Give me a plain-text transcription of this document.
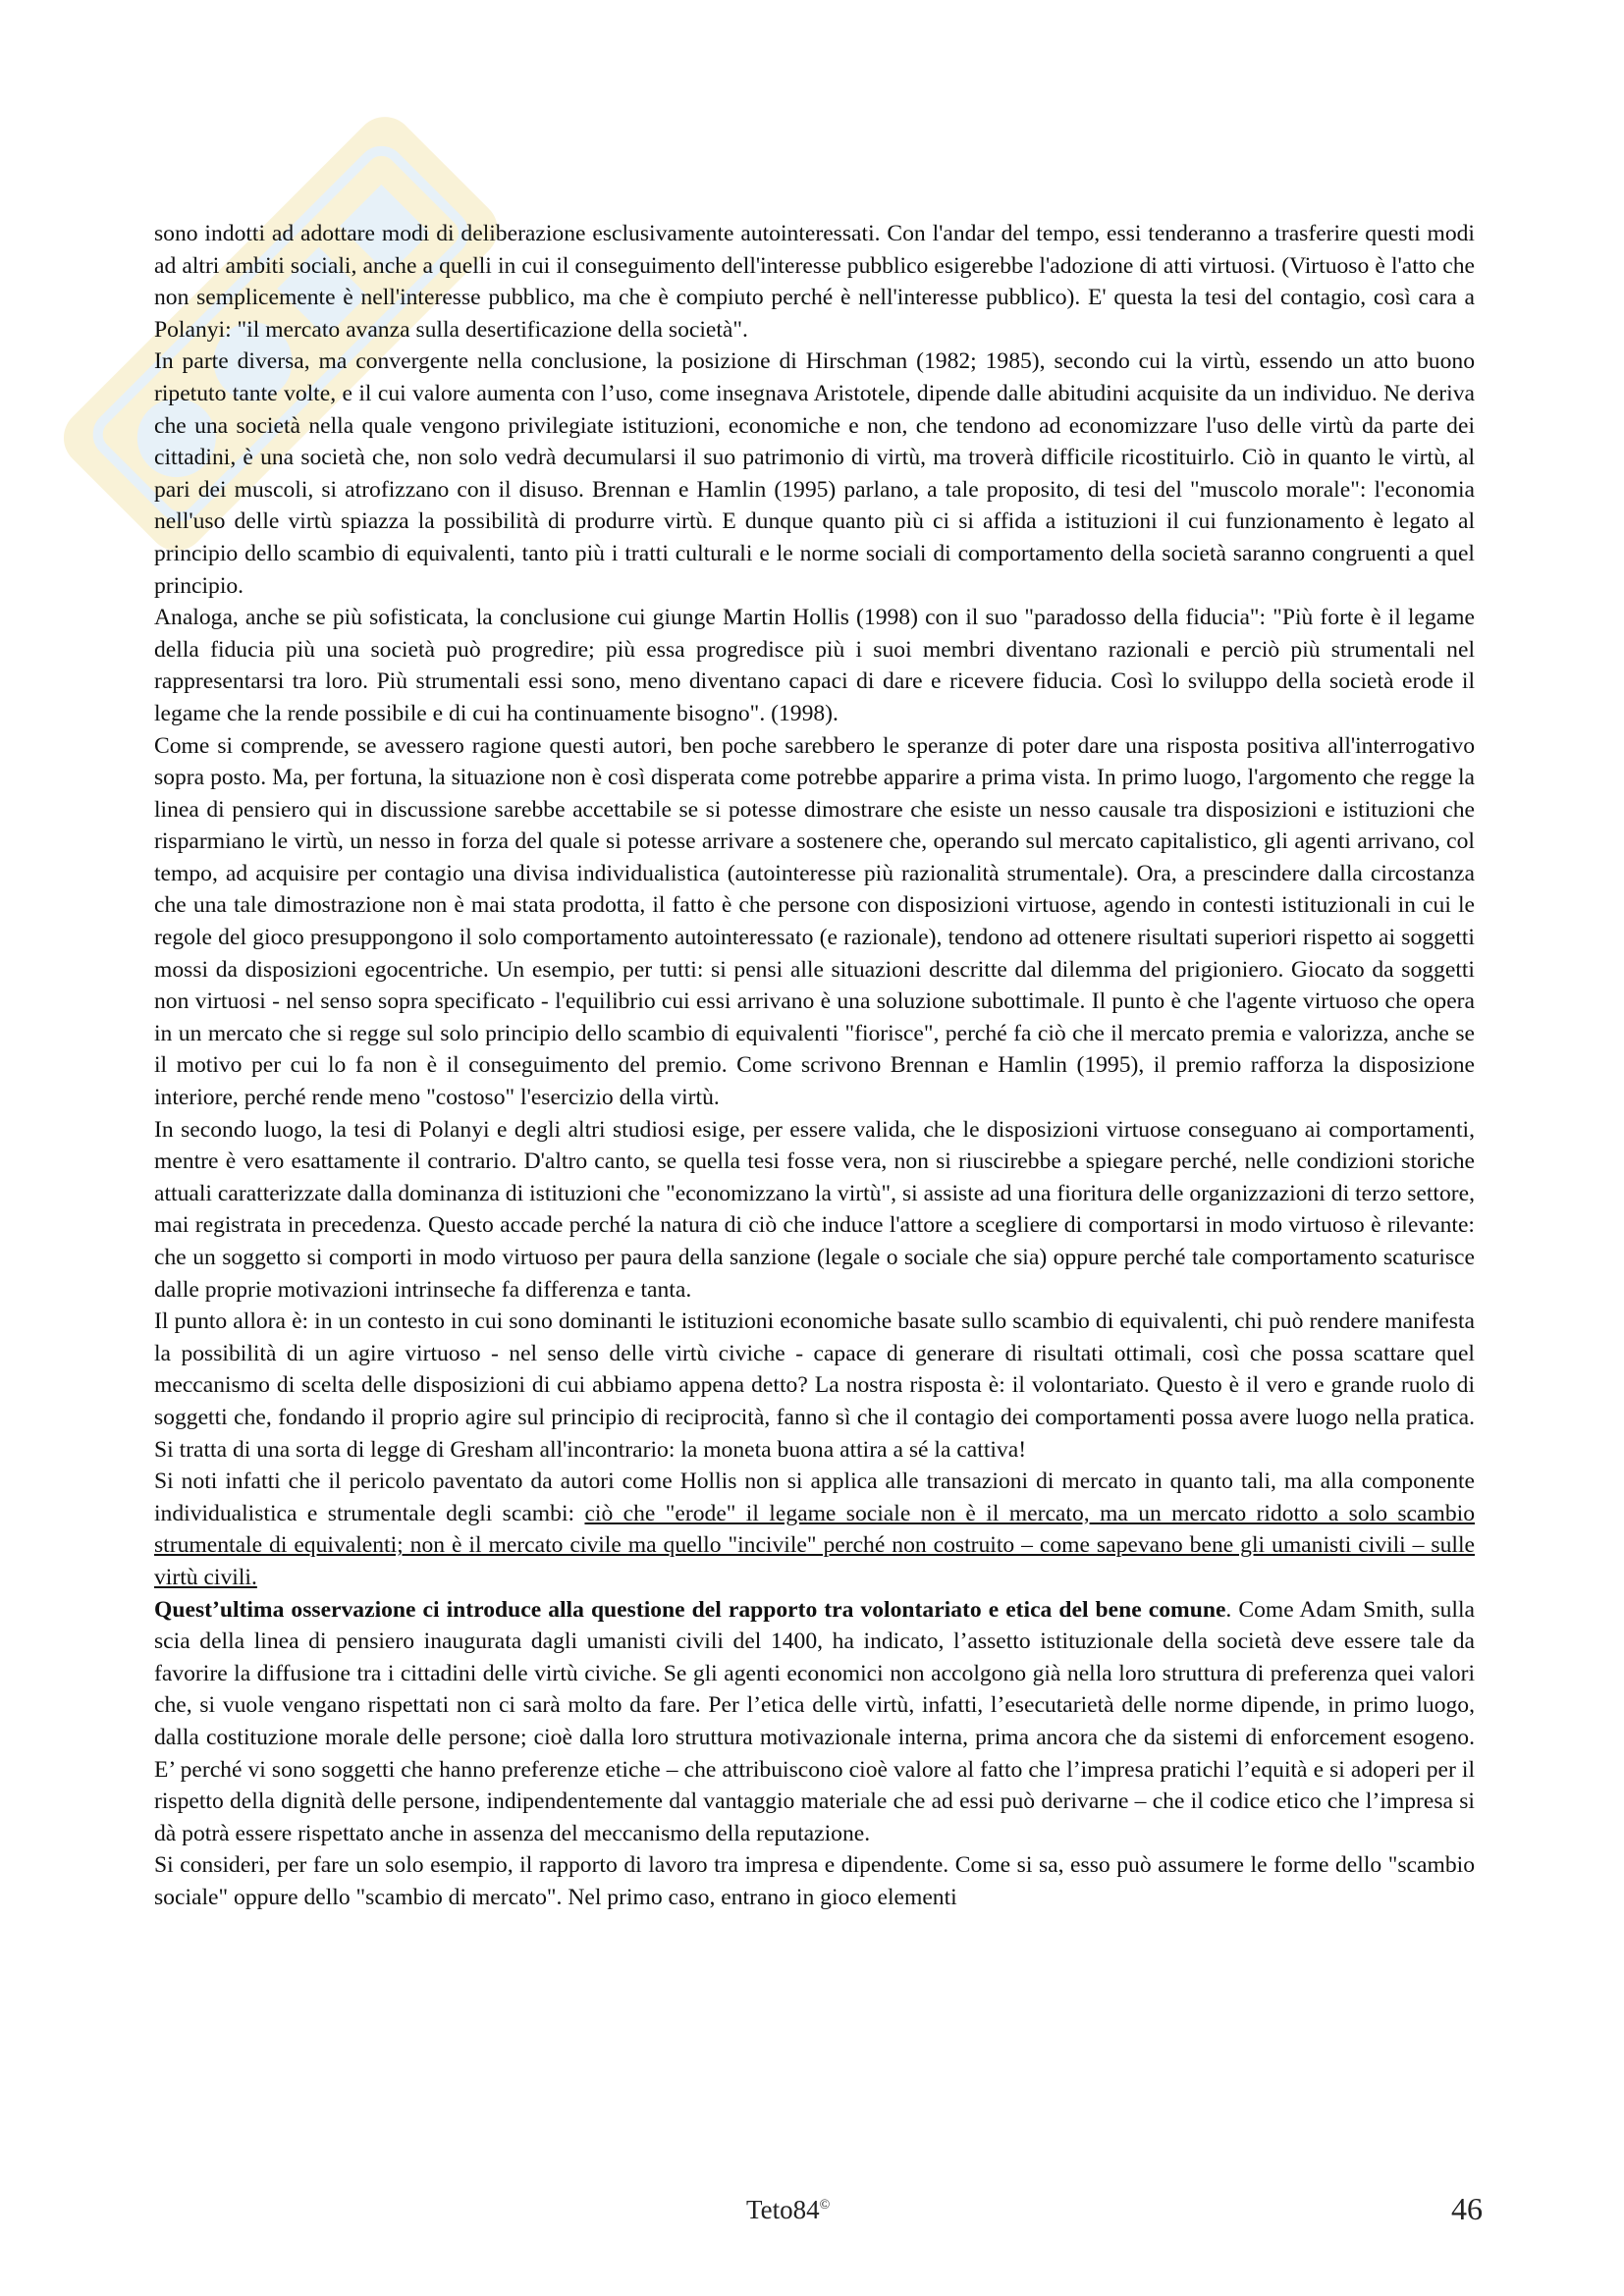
sono indotti ad adottare modi di deliberazione esclusivamente autointeressati. Con l'andar del tempo, essi tenderanno a trasferire questi modi ad altri ambiti sociali, anche a quelli in cui il conseguimento dell'interesse pubblico esigerebbe l'adozione di atti virtuosi. (Virtuoso è l'atto che non semplicemente è nell'interesse pubblico, ma che è compiuto perché è nell'interesse pubblico). E' questa la tesi del contagio, così cara a Polanyi: "il mercato avanza sulla desertificazione della società".

In parte diversa, ma convergente nella conclusione, la posizione di Hirschman (1982; 1985), secondo cui la virtù, essendo un atto buono ripetuto tante volte, e il cui valore aumenta con l’uso, come insegnava Aristotele, dipende dalle abitudini acquisite da un individuo. Ne deriva che una società nella quale vengono privilegiate istituzioni, economiche e non, che tendono ad economizzare l'uso delle virtù da parte dei cittadini, è una società che, non solo vedrà decumularsi il suo patrimonio di virtù, ma troverà difficile ricostituirlo. Ciò in quanto le virtù, al pari dei muscoli, si atrofizzano con il disuso. Brennan e Hamlin (1995) parlano, a tale proposito, di tesi del "muscolo morale": l'economia nell'uso delle virtù spiazza la possibilità di produrre virtù. E dunque quanto più ci si affida a istituzioni il cui funzionamento è legato al principio dello scambio di equivalenti, tanto più i tratti culturali e le norme sociali di comportamento della società saranno congruenti a quel principio.

Analoga, anche se più sofisticata, la conclusione cui giunge Martin Hollis (1998) con il suo "paradosso della fiducia": "Più forte è il legame della fiducia più una società può progredire; più essa progredisce più i suoi membri diventano razionali e perciò più strumentali nel rappresentarsi tra loro. Più strumentali essi sono, meno diventano capaci di dare e ricevere fiducia. Così lo sviluppo della società erode il legame che la rende possibile e di cui ha continuamente bisogno". (1998).

Come si comprende, se avessero ragione questi autori, ben poche sarebbero le speranze di poter dare una risposta positiva all'interrogativo sopra posto. Ma, per fortuna, la situazione non è così disperata come potrebbe apparire a prima vista. In primo luogo, l'argomento che regge la linea di pensiero qui in discussione sarebbe accettabile se si potesse dimostrare che esiste un nesso causale tra disposizioni e istituzioni che risparmiano le virtù, un nesso in forza del quale si potesse arrivare a sostenere che, operando sul mercato capitalistico, gli agenti arrivano, col tempo, ad acquisire per contagio una divisa individualistica (autointeresse più razionalità strumentale). Ora, a prescindere dalla circostanza che una tale dimostrazione non è mai stata prodotta, il fatto è che persone con disposizioni virtuose, agendo in contesti istituzionali in cui le regole del gioco presuppongono il solo comportamento autointeressato (e razionale), tendono ad ottenere risultati superiori rispetto ai soggetti mossi da disposizioni egocentriche. Un esempio, per tutti: si pensi alle situazioni descritte dal dilemma del prigioniero. Giocato da soggetti non virtuosi - nel senso sopra specificato - l'equilibrio cui essi arrivano è una soluzione subottimale. Il punto è che l'agente virtuoso che opera in un mercato che si regge sul solo principio dello scambio di equivalenti "fiorisce", perché fa ciò che il mercato premia e valorizza, anche se il motivo per cui lo fa non è il conseguimento del premio. Come scrivono Brennan e Hamlin (1995), il premio rafforza la disposizione interiore, perché rende meno "costoso" l'esercizio della virtù.

In secondo luogo, la tesi di Polanyi e degli altri studiosi esige, per essere valida, che le disposizioni virtuose conseguano ai comportamenti, mentre è vero esattamente il contrario. D'altro canto, se quella tesi fosse vera, non si riuscirebbe a spiegare perché, nelle condizioni storiche attuali caratterizzate dalla dominanza di istituzioni che "economizzano la virtù", si assiste ad una fioritura delle organizzazioni di terzo settore, mai registrata in precedenza. Questo accade perché la natura di ciò che induce l'attore a scegliere di comportarsi in modo virtuoso è rilevante: che un soggetto si comporti in modo virtuoso per paura della sanzione (legale o sociale che sia) oppure perché tale comportamento scaturisce dalle proprie motivazioni intrinseche fa differenza e tanta.

Il punto allora è: in un contesto in cui sono dominanti le istituzioni economiche basate sullo scambio di equivalenti, chi può rendere manifesta la possibilità di un agire virtuoso - nel senso delle virtù civiche - capace di generare di risultati ottimali, così che possa scattare quel meccanismo di scelta delle disposizioni di cui abbiamo appena detto? La nostra risposta è: il volontariato. Questo è il vero e grande ruolo di soggetti che, fondando il proprio agire sul principio di reciprocità, fanno sì che il contagio dei comportamenti possa avere luogo nella pratica. Si tratta di una sorta di legge di Gresham all'incontrario: la moneta buona attira a sé la cattiva!

Si noti infatti che il pericolo paventato da autori come Hollis non si applica alle transazioni di mercato in quanto tali, ma alla componente individualistica e strumentale degli scambi: ciò che "erode" il legame sociale non è il mercato, ma un mercato ridotto a solo scambio strumentale di equivalenti; non è il mercato civile ma quello "incivile" perché non costruito – come sapevano bene gli umanisti civili – sulle virtù civili.

Quest’ultima osservazione ci introduce alla questione del rapporto tra volontariato e etica del bene comune. Come Adam Smith, sulla scia della linea di pensiero inaugurata dagli umanisti civili del 1400, ha indicato, l’assetto istituzionale della società deve essere tale da favorire la diffusione tra i cittadini delle virtù civiche. Se gli agenti economici non accolgono già nella loro struttura di preferenza quei valori che, si vuole vengano rispettati non ci sarà molto da fare. Per l’etica delle virtù, infatti, l’esecutarietà delle norme dipende, in primo luogo, dalla costituzione morale delle persone; cioè dalla loro struttura motivazionale interna, prima ancora che da sistemi di enforcement esogeno. E’ perché vi sono soggetti che hanno preferenze etiche – che attribuiscono cioè valore al fatto che l’impresa pratichi l’equità e si adoperi per il rispetto della dignità delle persone, indipendentemente dal vantaggio materiale che ad essi può derivarne – che il codice etico che l’impresa si dà potrà essere rispettato anche in assenza del meccanismo della reputazione.

Si consideri, per fare un solo esempio, il rapporto di lavoro tra impresa e dipendente. Come si sa, esso può assumere le forme dello "scambio sociale" oppure dello "scambio di mercato". Nel primo caso, entrano in gioco elementi

Teto84©	46
